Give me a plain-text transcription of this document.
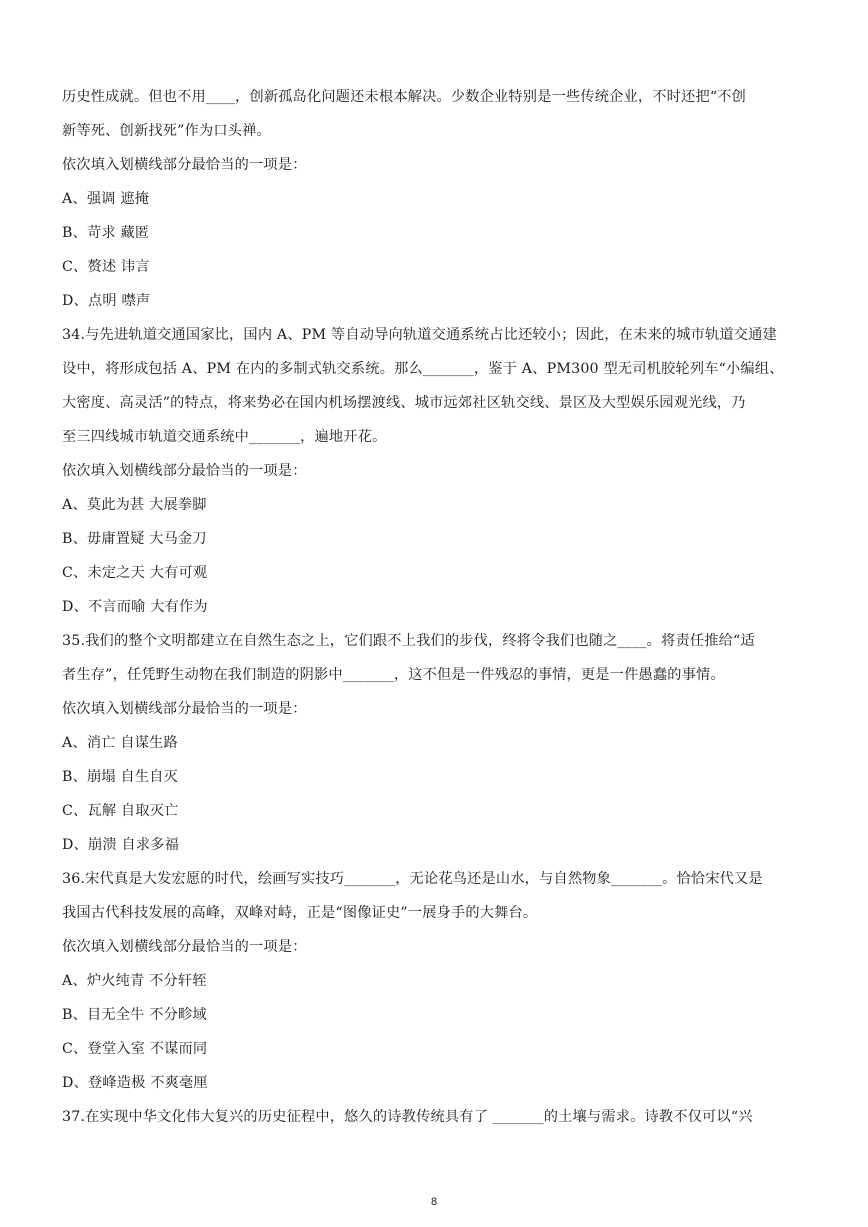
历史性成就。但也不用____，创新孤岛化问题还未根本解决。少数企业特别是一些传统企业，不时还把“不创
新等死、创新找死”作为口头禅。
依次填入划横线部分最恰当的一项是：
A、强调 遮掩
B、苛求 藏匿
C、赘述 讳言
D、点明 噤声
34.与先进轨道交通国家比，国内 A、PM 等自动导向轨道交通系统占比还较小；因此，在未来的城市轨道交通建
设中，将形成包括 A、PM 在内的多制式轨交系统。那么_______，鉴于 A、PM300 型无司机胶轮列车“小编组、
大密度、高灵活”的特点，将来势必在国内机场摆渡线、城市远郊社区轨交线、景区及大型娱乐园观光线，乃
至三四线城市轨道交通系统中_______，遍地开花。
依次填入划横线部分最恰当的一项是：
A、莫此为甚 大展拳脚
B、毋庸置疑 大马金刀
C、未定之天 大有可观
D、不言而喻 大有作为
35.我们的整个文明都建立在自然生态之上，它们跟不上我们的步伐，终将令我们也随之____。将责任推给“适
者生存”，任凭野生动物在我们制造的阴影中_______，这不但是一件残忍的事情，更是一件愚蠢的事情。
依次填入划横线部分最恰当的一项是：
A、消亡 自谋生路
B、崩塌 自生自灭
C、瓦解 自取灭亡
D、崩溃 自求多福
36.宋代真是大发宏愿的时代，绘画写实技巧_______，无论花鸟还是山水，与自然物象_______。恰恰宋代又是
我国古代科技发展的高峰，双峰对峙，正是“图像证史”一展身手的大舞台。
依次填入划横线部分最恰当的一项是：
A、炉火纯青 不分轩轾
B、目无全牛 不分畛域
C、登堂入室 不谋而同
D、登峰造极 不爽毫厘
37.在实现中华文化伟大复兴的历史征程中，悠久的诗教传统具有了 _______的土壤与需求。诗教不仅可以“兴
8
